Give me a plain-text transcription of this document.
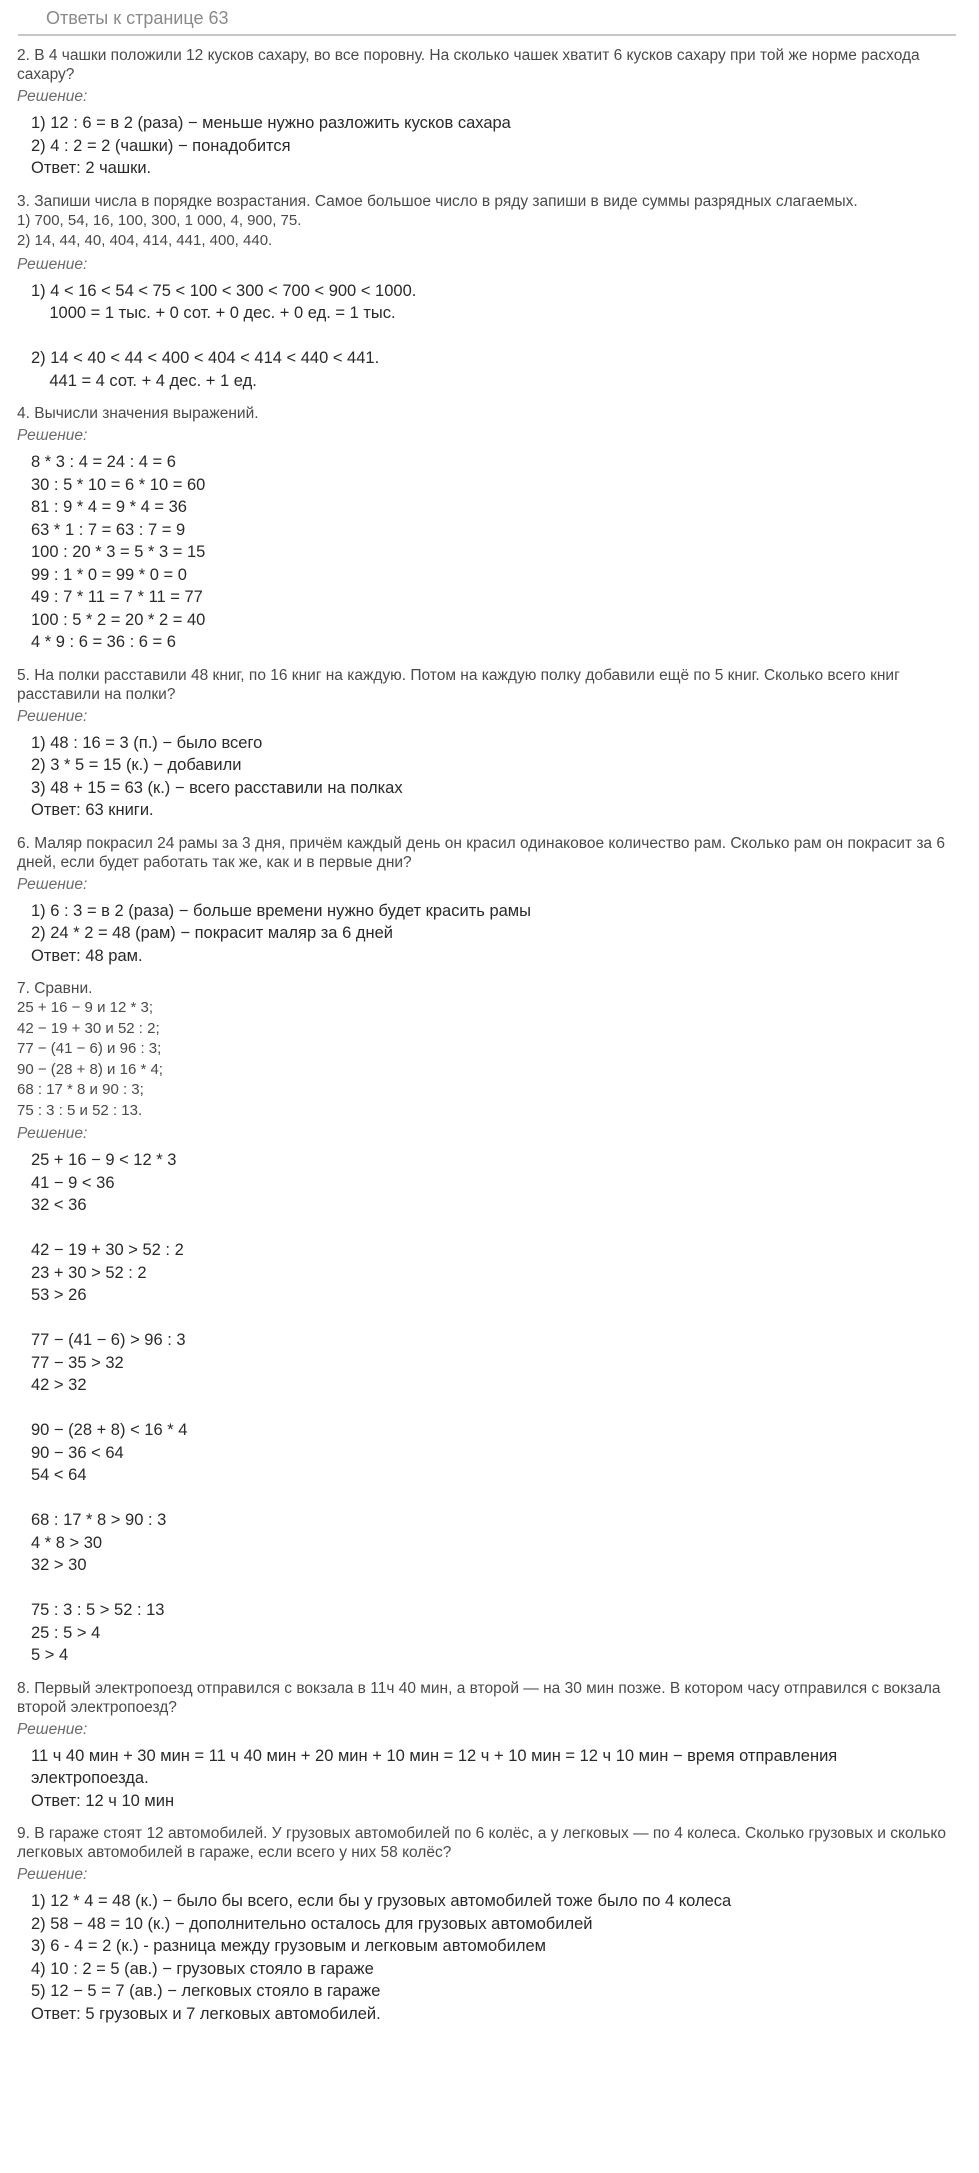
Ответы к странице 63

2. В 4 чашки положили 12 кусков сахару, во все поровну. На сколько чашек хватит 6 кусков сахару при той же норме расхода сахару?

Решение:

1) 12 : 6 = в 2 (раза) − меньше нужно разложить кусков сахара
2) 4 : 2 = 2 (чашки) − понадобится
Ответ: 2 чашки.

3. Запиши числа в порядке возрастания. Самое большое число в ряду запиши в виде суммы разрядных слагаемых.

1) 700, 54, 16, 100, 300, 1 000, 4, 900, 75.
2) 14, 44, 40, 404, 414, 441, 400, 440.

Решение:

1) 4 < 16 < 54 < 75 < 100 < 300 < 700 < 900 < 1000.
1000 = 1 тыс. + 0 сот. + 0 дес. + 0 ед. = 1 тыс.
2) 14 < 40 < 44 < 400 < 404 < 414 < 440 < 441.
441 = 4 сот. + 4 дес. + 1 ед.

4. Вычисли значения выражений.

Решение:

8 * 3 : 4 = 24 : 4 = 6
30 : 5 * 10 = 6 * 10 = 60
81 : 9 * 4 = 9 * 4 = 36
63 * 1 : 7 = 63 : 7 = 9
100 : 20 * 3 = 5 * 3 = 15
99 : 1 * 0 = 99 * 0 = 0
49 : 7 * 11 = 7 * 11 = 77
100 : 5 * 2 = 20 * 2 = 40
4 * 9 : 6 = 36 : 6 = 6

5. На полки расставили 48 книг, по 16 книг на каждую. Потом на каждую полку добавили ещё по 5 книг. Сколько всего книг расставили на полки?

Решение:

1) 48 : 16 = 3 (п.) − было всего
2) 3 * 5 = 15 (к.) − добавили
3) 48 + 15 = 63 (к.) − всего расставили на полках
Ответ: 63 книги.

6. Маляр покрасил 24 рамы за 3 дня, причём каждый день он красил одинаковое количество рам. Сколько рам он покрасит за 6 дней, если будет работать так же, как и в первые дни?

Решение:

1) 6 : 3 = в 2 (раза) − больше времени нужно будет красить рамы
2) 24 * 2 = 48 (рам) − покрасит маляр за 6 дней
Ответ: 48 рам.

7. Сравни.

25 + 16 − 9 и 12 * 3;
42 − 19 + 30 и 52 : 2;
77 − (41 − 6) и 96 : 3;
90 − (28 + 8) и 16 * 4;
68 : 17 * 8 и 90 : 3;
75 : 3 : 5 и 52 : 13.

Решение:

25 + 16 − 9 < 12 * 3
41 − 9 < 36
32 < 36
42 − 19 + 30 > 52 : 2
23 + 30 > 52 : 2
53 > 26
77 − (41 − 6) > 96 : 3
77 − 35 > 32
42 > 32
90 − (28 + 8) < 16 * 4
90 − 36 < 64
54 < 64
68 : 17 * 8 > 90 : 3
4 * 8 > 30
32 > 30
75 : 3 : 5 > 52 : 13
25 : 5 > 4
5 > 4

8. Первый электропоезд отправился с вокзала в 11ч 40 мин, а второй — на 30 мин позже. В котором часу отправился с вокзала второй электропоезд?

Решение:

11 ч 40 мин + 30 мин = 11 ч 40 мин + 20 мин + 10 мин = 12 ч + 10 мин = 12 ч 10 мин − время отправления
электропоезда.
Ответ: 12 ч 10 мин

9. В гараже стоят 12 автомобилей. У грузовых автомобилей по 6 колёс, а у легковых — по 4 колеса. Сколько грузовых и сколько легковых автомобилей в гараже, если всего у них 58 колёс?

Решение:

1) 12 * 4 = 48 (к.) − было бы всего, если бы у грузовых автомобилей тоже было по 4 колеса
2) 58 − 48 = 10 (к.) − дополнительно осталось для грузовых автомобилей
3) 6 - 4 = 2 (к.) - разница между грузовым и легковым автомобилем
4) 10 : 2 = 5 (ав.) − грузовых стояло в гараже
5) 12 − 5 = 7 (ав.) − легковых стояло в гараже
Ответ: 5 грузовых и 7 легковых автомобилей.
